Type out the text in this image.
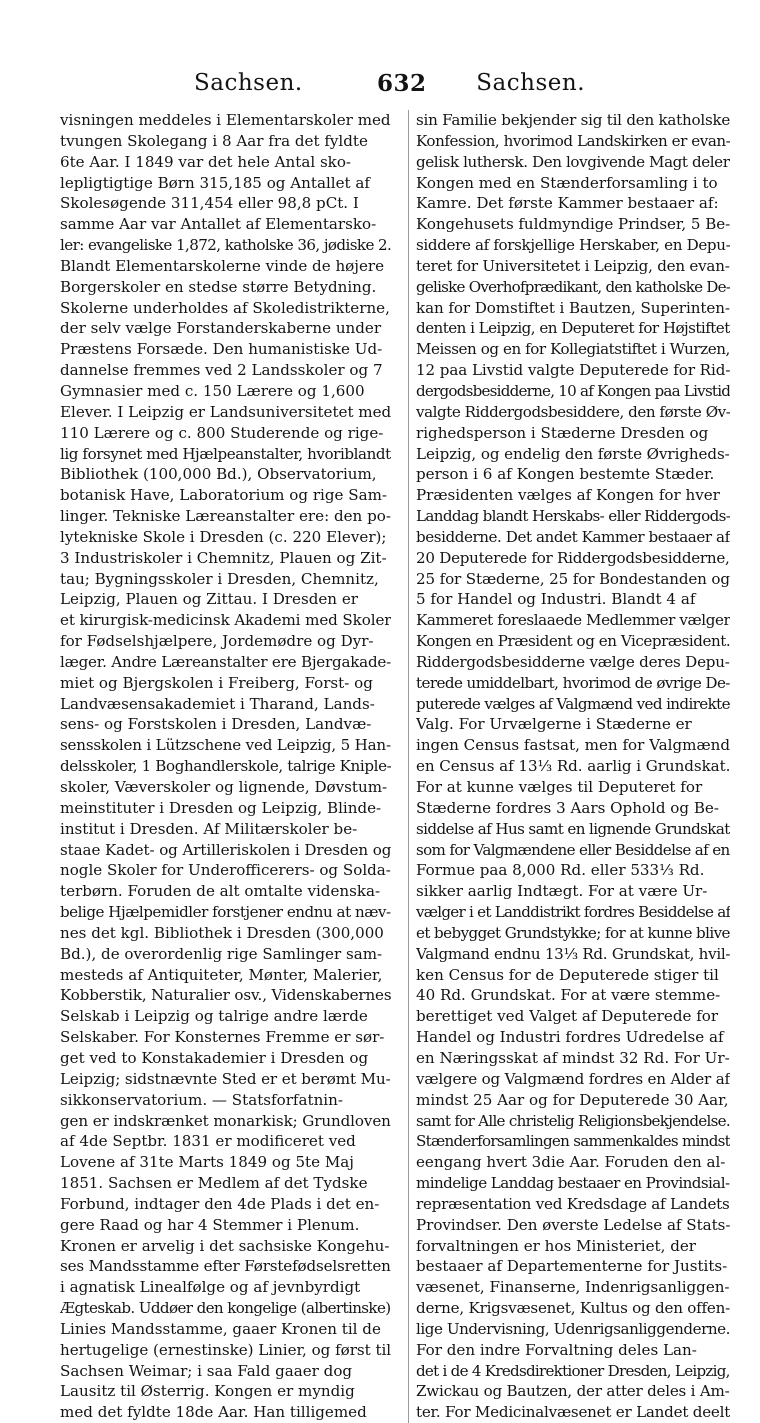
Sachsen.	632 Sachsen.
visningen meddeles i Elementarskoler med
tvungen Skolegang i 8 Aar fra det fyldte
6te Aar. I 1849 var det hele Antal sko-
lepligtigtige Børn 315,185 og Antallet af
Skolesøgende 311,454 eller 98,8 pCt. I
samme Aar var Antallet af Elementarsko-
ler: evangeliske 1,872, katholske 36, jødiske 2.
Blandt Elementarskolerne vinde de højere
Borgerskoler en stedse større Betydning.
Skolerne underholdes af Skoledistrikterne,
der selv vælge Forstanderskaberne under
Præstens Forsæde. Den humanistiske Ud-
dannelse fremmes ved 2 Landsskoler og 7
Gymnasier med c. 150 Lærere og 1,600
Elever. I Leipzig er Landsuniversitetet med
110 Lærere og c. 800 Studerende og rige-
lig forsynet med Hjælpeanstalter, hvoriblandt
Bibliothek (100,000 Bd.), Observatorium,
botanisk Have, Laboratorium og rige Sam-
linger. Tekniske Læreanstalter ere: den po-
lytekniske Skole i Dresden (c. 220 Elever);
3 Industriskoler i Chemnitz, Plauen og Zit-
tau; Bygningsskoler i Dresden, Chemnitz,
Leipzig, Plauen og Zittau. I Dresden er
et kirurgisk-medicinsk Akademi med Skoler
for Fødselshjælpere, Jordemødre og Dyr-
læger. Andre Læreanstalter ere Bjergakade-
miet og Bjergskolen i Freiberg, Forst- og
Landvæsensakademiet i Tharand, Lands-
sens- og Forstskolen i Dresden, Landvæ-
sensskolen i Lützschene ved Leipzig, 5 Han-
delsskoler, 1 Boghandlerskole, talrige Kniple-
skoler, Væverskoler og lignende, Døvstum-
meinstituter i Dresden og Leipzig, Blinde-
institut i Dresden. Af Militærskoler be-
staae Kadet- og Artilleriskolen i Dresden og
nogle Skoler for Underofficerers- og Solda-
terbørn. Foruden de alt omtalte videnska-
belige Hjælpemidler forstjener endnu at næv-
nes det kgl. Bibliothek i Dresden (300,000
Bd.), de overordenlig rige Samlinger sam-
mesteds af Antiquiteter, Mønter, Malerier,
Kobberstik, Naturalier osv., Videnskabernes
Selskab i Leipzig og talrige andre lærde
Selskaber. For Konsternes Fremme er sør-
get ved to Konstakademier i Dresden og
Leipzig; sidstnævnte Sted er et berømt Mu-
sikkonservatorium. — Statsforfatnin-
gen er indskrænket monarkisk; Grundloven
af 4de Septbr. 1831 er modificeret ved
Lovene af 31te Marts 1849 og 5te Maj
1851. Sachsen er Medlem af det Tydske
Forbund, indtager den 4de Plads i det en-
gere Raad og har 4 Stemmer i Plenum.
Kronen er arvelig i det sachsiske Kongehu-
ses Mandsstamme efter Førstefødselsretten
i agnatisk Linealfølge og af jevnbyrdigt
Ægteskab. Uddøer den kongelige (albertinske)
Linies Mandsstamme, gaaer Kronen til de
hertugelige (ernestinske) Linier, og først til
Sachsen Weimar; i saa Fald gaaer dog
Lausitz til Østerrig. Kongen er myndig
med det fyldte 18de Aar. Han tilligemed
sin Familie bekjender sig til den katholske
Konfession, hvorimod Landskirken er evan-
gelisk luthersk. Den lovgivende Magt deler
Kongen med en Stænderforsamling i to
Kamre. Det første Kammer bestaaer af:
Kongehusets fuldmyndige Prindser, 5 Be-
siddere af forskjellige Herskaber, en Depu-
teret for Universitetet i Leipzig, den evan-
geliske Overhofprædikant, den katholske De-
kan for Domstiftet i Bautzen, Superinten-
denten i Leipzig, en Deputeret for Højstiftet
Meissen og en for Kollegiatstiftet i Wurzen,
12 paa Livstid valgte Deputerede for Rid-
dergodsbesidderne, 10 af Kongen paa Livstid
valgte Riddergodsbesiddere, den første Øv-
righedsperson i Stæderne Dresden og
Leipzig, og endelig den første Øvrigheds-
person i 6 af Kongen bestemte Stæder.
Præsidenten vælges af Kongen for hver
Landdag blandt Herskabs- eller Riddergods-
besidderne. Det andet Kammer bestaaer af
20 Deputerede for Riddergodsbesidderne,
25 for Stæderne, 25 for Bondestanden og
5 for Handel og Industri. Blandt 4 af
Kammeret foreslaaede Medlemmer vælger
Kongen en Præsident og en Vicepræsident.
Riddergodsbesidderne vælge deres Depu-
terede umiddelbart, hvorimod de øvrige De-
puterede vælges af Valgmænd ved indirekte
Valg. For Urvælgerne i Stæderne er
ingen Census fastsat, men for Valgmænd
en Census af 13⅓ Rd. aarlig i Grundskat.
For at kunne vælges til Deputeret for
Stæderne fordres 3 Aars Ophold og Be-
siddelse af Hus samt en lignende Grundskat
som for Valgmændene eller Besiddelse af en
Formue paa 8,000 Rd. eller 533⅓ Rd.
sikker aarlig Indtægt. For at være Ur-
vælger i et Landdistrikt fordres Besiddelse af
et bebygget Grundstykke; for at kunne blive
Valgmand endnu 13⅓ Rd. Grundskat, hvil-
ken Census for de Deputerede stiger til
40 Rd. Grundskat. For at være stemme-
berettiget ved Valget af Deputerede for
Handel og Industri fordres Udredelse af
en Næringsskat af mindst 32 Rd. For Ur-
vælgere og Valgmænd fordres en Alder af
mindst 25 Aar og for Deputerede 30 Aar,
samt for Alle christelig Religionsbekjendelse.
Stænderforsamlingen sammenkaldes mindst
eengang hvert 3die Aar. Foruden den al-
mindelige Landdag bestaaer en Provindsial-
repræsentation ved Kredsdage af Landets
Provindser. Den øverste Ledelse af Stats-
forvaltningen er hos Ministeriet, der
bestaaer af Departementerne for Justits-
væsenet, Finanserne, Indenrigsanliggen-
derne, Krigsvæsenet, Kultus og den offen-
lige Undervisning, Udenrigsanliggenderne.
For den indre Forvaltning deles Lan-
det i de 4 Kredsdirektioner Dresden, Leipzig,
Zwickau og Bautzen, der atter deles i Am-
ter. For Medicinalvæsenet er Landet deelt
